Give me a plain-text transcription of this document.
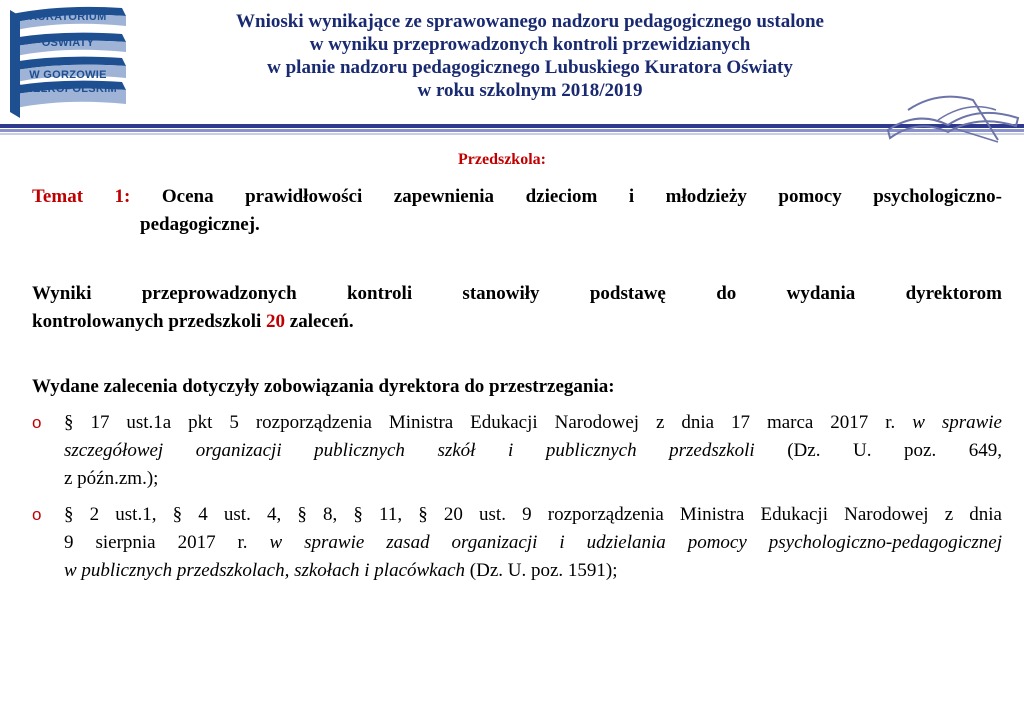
KURATORIUM
OŚWIATY
W GORZOWIE
WIELKOPOLSKIM
Wnioski wynikające ze sprawowanego nadzoru pedagogicznego ustalone
w wyniku przeprowadzonych kontroli przewidzianych
w planie nadzoru pedagogicznego Lubuskiego Kuratora Oświaty
w roku szkolnym 2018/2019
Przedszkola:
Temat 1: Ocena prawidłowości zapewnienia dzieciom i młodzieży pomocy psychologiczno-
pedagogicznej.
Wyniki przeprowadzonych kontroli stanowiły podstawę do wydania dyrektorom
kontrolowanych przedszkoli 20 zaleceń.
Wydane zalecenia dotyczyły zobowiązania dyrektora do przestrzegania:
o § 17 ust.1a pkt 5 rozporządzenia Ministra Edukacji Narodowej z dnia 17 marca 2017 r. w sprawie
szczegółowej organizacji publicznych szkół i publicznych przedszkoli (Dz. U. poz. 649,
z późn.zm.);
o § 2 ust.1, § 4 ust. 4, § 8, § 11, § 20 ust. 9 rozporządzenia Ministra Edukacji Narodowej z dnia
9 sierpnia 2017 r. w sprawie zasad organizacji i udzielania pomocy psychologiczno-pedagogicznej
w publicznych przedszkolach, szkołach i placówkach (Dz. U. poz. 1591);
